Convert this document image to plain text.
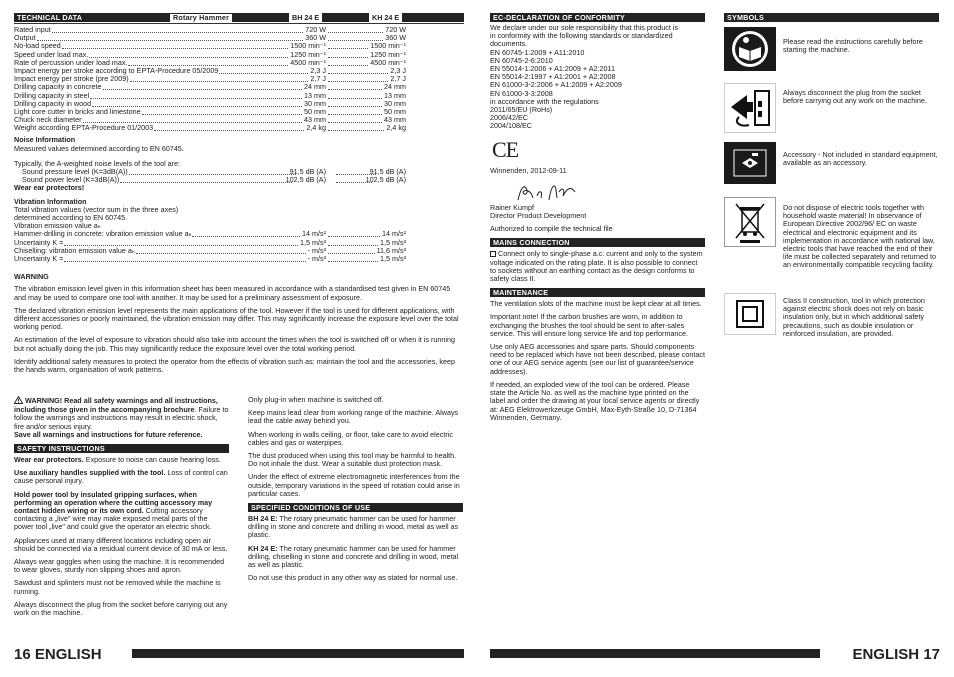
TECHNICAL DATA	Rotary Hammer	BH 24 E	KH 24 E
Rated input	720 W	720 W
Output	360 W	360 W
No-load speed	1500 min⁻¹	1500 min⁻¹
Speed under load max.	1250 min⁻¹	1250 min⁻¹
Rate of percussion under load max.	4500 min⁻¹	4500 min⁻¹
Impact energy per stroke according to EPTA-Procedure 05/2009	2,3 J	2,3 J
Impact energy per stroke (pre 2009)	2,7 J	2,7 J
Drilling capacity in concrete	24 mm	24 mm
Drilling capacity in steel	13 mm	13 mm
Drilling capacity in wood	30 mm	30 mm
Light core cutter in bricks and limestone	50 mm	50 mm
Chuck neck diameter	43 mm	43 mm
Weight according EPTA-Procedure 01/2003	2,4 kg	2,4 kg
Noise Information
Measured values determined according to EN 60745.
Typically, the A-weighted noise levels of the tool are:
Sound pressure level (K=3dB(A))	91,5 dB (A)	91,5 dB (A)
Sound power level (K=3dB(A))	102,5 dB (A)	102,5 dB (A)
Wear ear protectors!
Vibration Information
Total vibration values (vector sum in the three axes)
determined according to EN 60745.
Vibration emission value aₕ
Hammer-drilling in concrete: vibration emission value aₕ	14 m/s²	14 m/s²
Uncertainty K =	1,5 m/s²	1,5 m/s²
Chiselling: vibration emission value aₕ	- m/s²	11,6 m/s²
Uncertainty K =	- m/s²	1,5 m/s²
WARNING

The vibration emission level given in this information sheet has been measured in accordance with a standardised test given in EN 60745 and may be used to compare one tool with another. It may be used for a preliminary assessment of exposure.

The declared vibration emission level represents the main applications of the tool. However if the tool is used for different applications, with different accessories or poorly maintained, the vibration emission may differ. This may significantly increase the exposure level over the total working period.

An estimation of the level of exposure to vibration should also take into account the times when the tool is switched off or when it is running but not actually doing the job. This may significantly reduce the exposure level over the total working period.

Identify additional safety measures to protect the operator from the effects of vibration such as: maintain the tool and the accessories, keep the hands warm, organisation of work patterns.

WARNING! Read all safety warnings and all instructions, including those given in the accompanying brochure. Failure to follow the warnings and instructions may result in electric shock, fire and/or serious injury.
Save all warnings and instructions for future reference.

SAFETY INSTRUCTIONS

Wear ear protectors. Exposure to noise can cause hearing loss.

Use auxiliary handles supplied with the tool. Loss of control can cause personal injury.

Hold power tool by insulated gripping surfaces, when performing an operation where the cutting accessory may contact hidden wiring or its own cord. Cutting accessory contacting a „live" wire may make exposed metal parts of the power tool „live" and could give the operator an electric shock.

Appliances used at many different locations including open air should be connected via a residual current device of 30 mA or less.

Always wear goggles when using the machine. It is recommended to wear gloves, sturdy non slipping shoes and apron.

Sawdust and splinters must not be removed while the machine is running.

Always disconnect the plug from the socket before carrying out any work on the machine.

Only plug-in when machine is switched off.

Keep mains lead clear from working range of the machine. Always lead the cable away behind you.

When working in walls ceiling, or floor, take care to avoid electric cables and gas or waterpipes.

The dust produced when using this tool may be harmful to health. Do not inhale the dust. Wear a suitable dust protection mask.

Under the effect of extreme electromagnetic interferences from the outside, temporary variations in the speed of rotation could arise in particular cases.

SPECIFIED CONDITIONS OF USE

BH 24 E: The rotary pneumatic hammer can be used for hammer drilling in stone and concrete and drilling in wood, metal as well as plastic.

KH 24 E: The rotary pneumatic hammer can be used for hammer drilling, chiselling in stone and concrete and drilling in wood, metal as well as plastic.

Do not use this product in any other way as stated for normal use.

16 ENGLISH
EC-DECLARATION OF CONFORMITY
We declare under our sole responsibility that this product is
in conformity with the following standards or standardized
documents.
EN 60745-1:2009 + A11:2010
EN 60745-2-6:2010
EN 55014-1:2006 + A1:2009 + A2:2011
EN 55014-2:1997 + A1:2001 + A2:2008
EN 61000-3-2:2006 + A1:2009 + A2:2009
EN 61000-3-3:2008
in accordance with the regulations
2011/65/EU (RoHs)
2006/42/EC
2004/108/EC
CE
Winnenden, 2012-09-11
Rainer Kumpf
Director Product Development
Authorized to compile the technical file
MAINS CONNECTION
Connect only to single-phase a.c. current and only to the system voltage indicated on the rating plate. It is also possible to connect to sockets without an earthing contact as the design conforms to safety class II.
MAINTENANCE

The ventilation slots of the machine must be kept clear at all times.

Important note! If the carbon brushes are worn, in addition to exchanging the brushes the tool should be sent to after-sales service. This will ensure long service life and top performance.

Use only AEG accessories and spare parts. Should components need to be replaced which have not been described, please contact one of our AEG service agents (see our list of guarantee/service addresses).

If needed, an exploded view of the tool can be ordered. Please state the Article No. as well as the machine type printed on the label and order the drawing at your local service agents or directly at: AEG Elektrowerkzeuge GmbH, Max-Eyth-Straße 10, D-71364 Winnenden, Germany.

SYMBOLS
Please read the instructions carefully before starting the machine.
Always disconnect the plug from the socket before carrying out any work on the machine.
Accessory - Not included in standard equipment, available as an accessory.
Do not dispose of electric tools together with household waste material! In observance of European Directive 2002/96/ EC on waste electrical and electronic equipment and its implementation in accordance with national law, electric tools that have reached the end of their life must be collected separately and returned to an environmentally compatible recycling facility.
Class II construction, tool in which protection against electric shock does not rely on basic insulation only, but in which additional safety precautions, such as double insulation or reinforced insulation, are provided.
ENGLISH 17
